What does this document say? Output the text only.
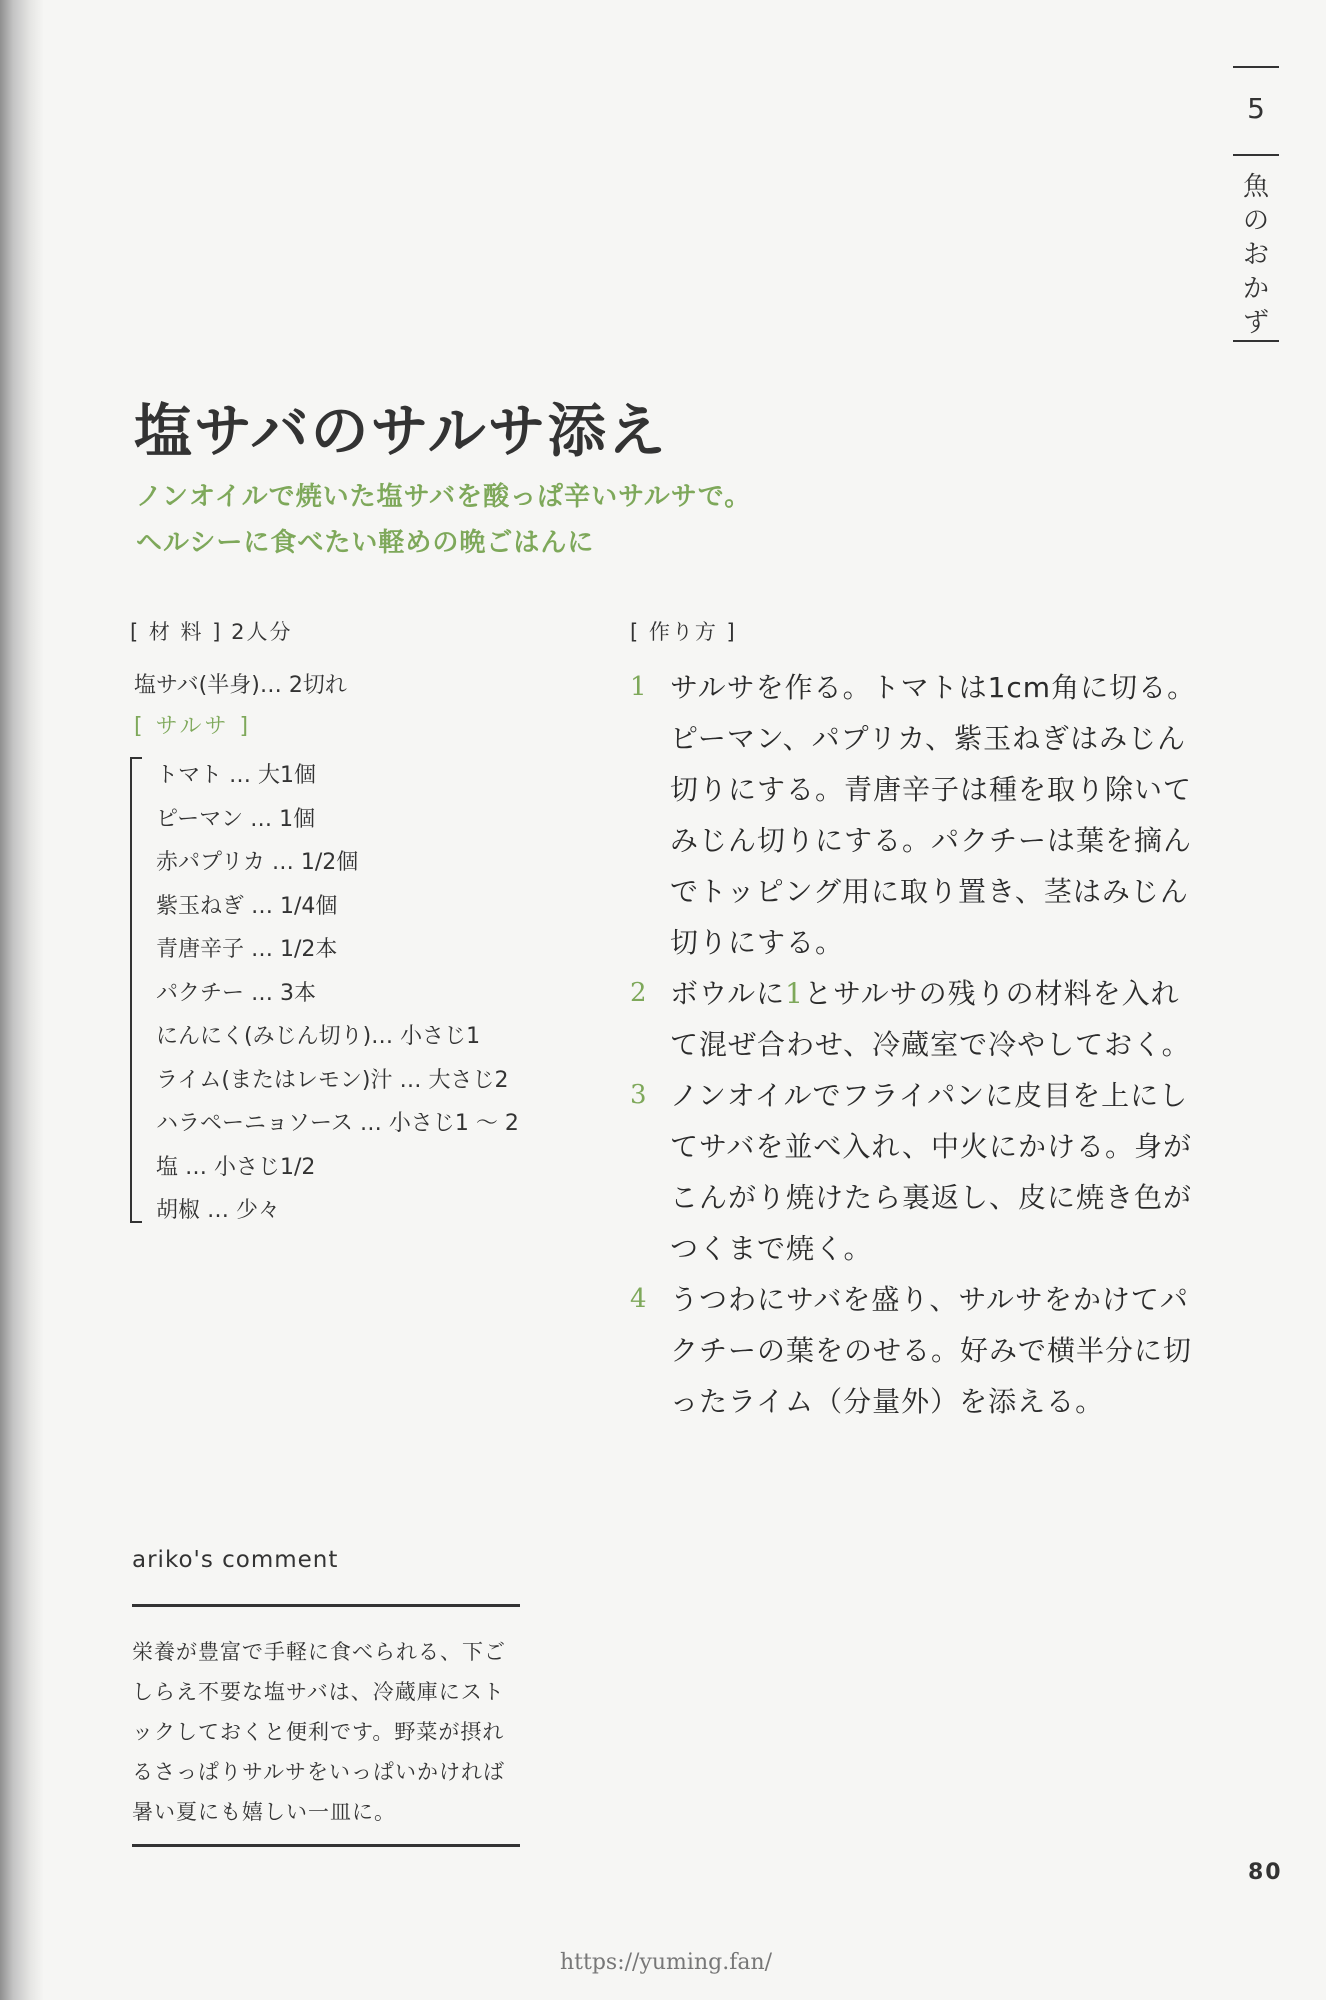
5
魚のおかず
塩サバのサルサ添え
ノンオイルで焼いた塩サバを酸っぱ辛いサルサで。
ヘルシーに食べたい軽めの晩ごはんに
[ 材 料 ] 2人分
塩サバ(半身)… 2切れ
[ サルサ ]
トマト … 大1個
ピーマン … 1個
赤パプリカ … 1/2個
紫玉ねぎ … 1/4個
青唐辛子 … 1/2本
パクチー … 3本
にんにく(みじん切り)… 小さじ1
ライム(またはレモン)汁 … 大さじ2
ハラペーニョソース … 小さじ1 ～ 2
塩 … 小さじ1/2
胡椒 … 少々
[ 作り方 ]
1 サルサを作る。トマトは1cm角に切る。ピーマン、パプリカ、紫玉ねぎはみじん切りにする。青唐辛子は種を取り除いてみじん切りにする。パクチーは葉を摘んでトッピング用に取り置き、茎はみじん切りにする。
2 ボウルに1とサルサの残りの材料を入れて混ぜ合わせ、冷蔵室で冷やしておく。
3 ノンオイルでフライパンに皮目を上にしてサバを並べ入れ、中火にかける。身がこんがり焼けたら裏返し、皮に焼き色がつくまで焼く。
4 うつわにサバを盛り、サルサをかけてパクチーの葉をのせる。好みで横半分に切ったライム（分量外）を添える。
ariko's comment

栄養が豊富で手軽に食べられる、下ごしらえ不要な塩サバは、冷蔵庫にストックしておくと便利です。野菜が摂れるさっぱりサルサをいっぱいかければ暑い夏にも嬉しい一皿に。

80
https://yuming.fan/
